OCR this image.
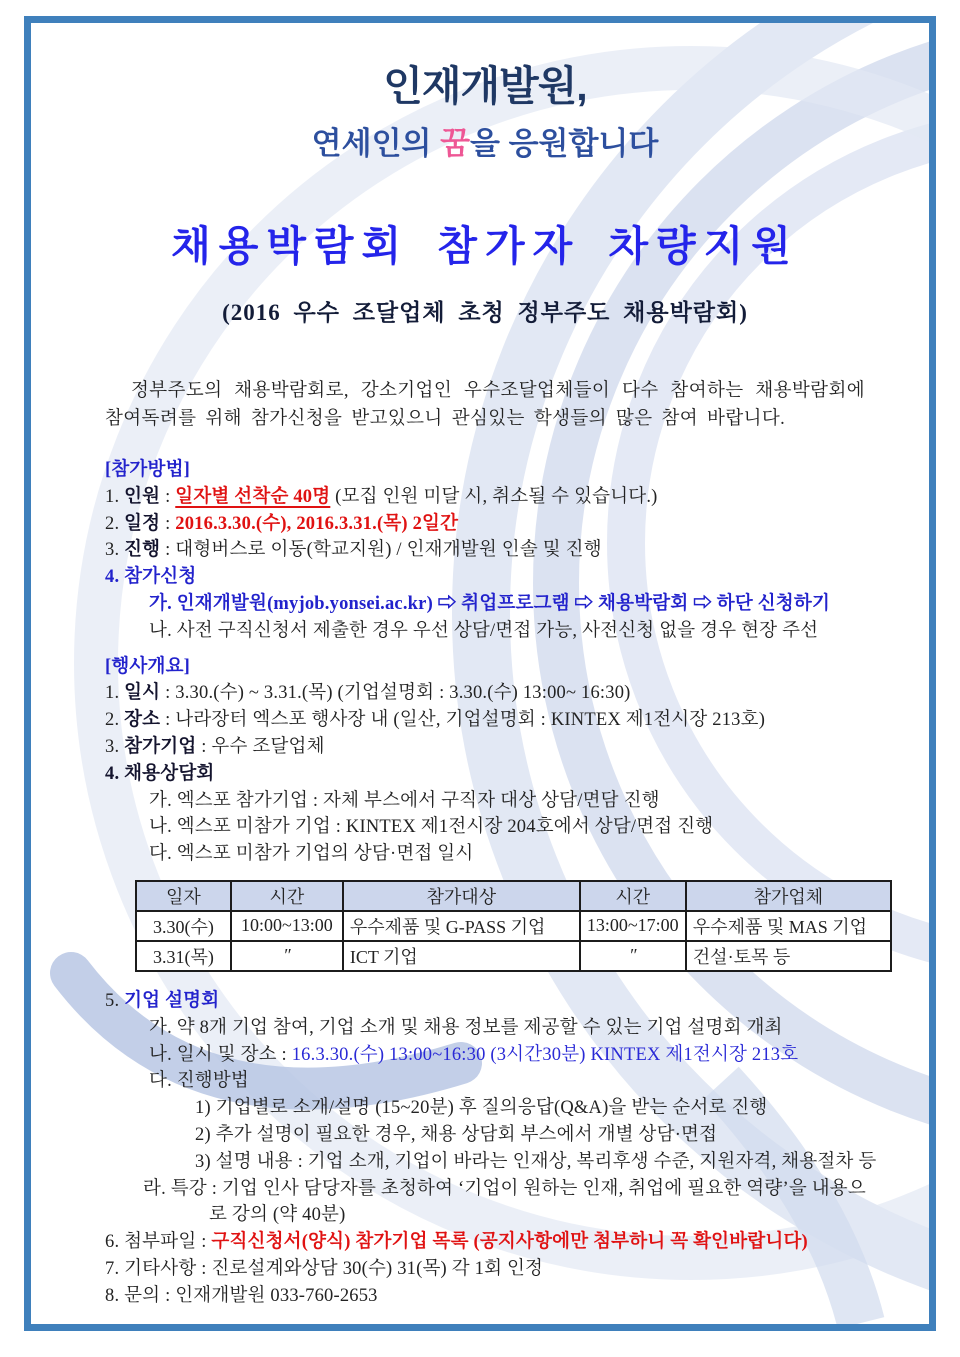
인재개발원,
연세인의 꿈을 응원합니다
채용박람회 참가자 차량지원
(2016 우수 조달업체 초청 정부주도 채용박람회)

정부주도의 채용박람회로, 강소기업인 우수조달업체들이 다수 참여하는 채용박람회에 참여독려를 위해 참가신청을 받고있으니 관심있는 학생들의 많은 참여 바랍니다.

[참가방법]
1. 인원 : 일자별 선착순 40명 (모집 인원 미달 시, 취소될 수 있습니다.)
2. 일정 : 2016.3.30.(수), 2016.3.31.(목) 2일간
3. 진행 : 대형버스로 이동(학교지원) / 인재개발원 인솔 및 진행
4. 참가신청
가. 인재개발원(myjob.yonsei.ac.kr) ⇨ 취업프로그램 ⇨ 채용박람회 ⇨ 하단 신청하기
나. 사전 구직신청서 제출한 경우 우선 상담/면접 가능, 사전신청 없을 경우 현장 주선
[행사개요]
1. 일시 : 3.30.(수) ~ 3.31.(목) (기업설명회 : 3.30.(수) 13:00~ 16:30)
2. 장소 : 나라장터 엑스포 행사장 내 (일산, 기업설명회 : KINTEX 제1전시장 213호)
3. 참가기업 : 우수 조달업체
4. 채용상담회
가. 엑스포 참가기업 : 자체 부스에서 구직자 대상 상담/면담 진행
나. 엑스포 미참가 기업 : KINTEX 제1전시장 204호에서 상담/면접 진행
다. 엑스포 미참가 기업의 상담·면접 일시
일자	시간	참가대상	시간	참가업체
3.30(수)	10:00~13:00	우수제품 및 G-PASS 기업	13:00~17:00	우수제품 및 MAS 기업
3.31(목)	″	ICT 기업	″	건설·토목 등
5. 기업 설명회
가. 약 8개 기업 참여, 기업 소개 및 채용 정보를 제공할 수 있는 기업 설명회 개최
나. 일시 및 장소 : 16.3.30.(수) 13:00~16:30 (3시간30분) KINTEX 제1전시장 213호
다. 진행방법
1) 기업별로 소개/설명 (15~20분) 후 질의응답(Q&A)을 받는 순서로 진행
2) 추가 설명이 필요한 경우, 채용 상담회 부스에서 개별 상담·면접
3) 설명 내용 : 기업 소개, 기업이 바라는 인재상, 복리후생 수준, 지원자격, 채용절차 등
라. 특강 : 기업 인사 담당자를 초청하여 ‘기업이 원하는 인재, 취업에 필요한 역량’을 내용으
로 강의 (약 40분)
6. 첨부파일 : 구직신청서(양식) 참가기업 목록 (공지사항에만 첨부하니 꼭 확인바랍니다)
7. 기타사항 : 진로설계와상담 30(수) 31(목) 각 1회 인정
8. 문의 : 인재개발원 033-760-2653
